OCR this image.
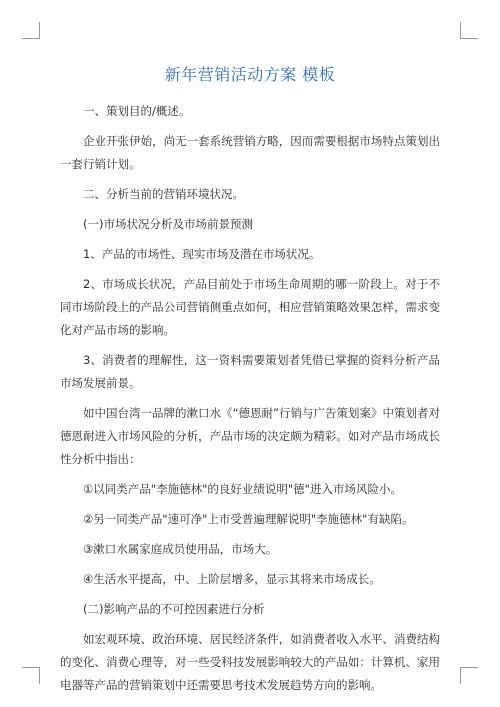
新年营销活动方案 模板

一、策划目的/概述。

企业开张伊始，尚无一套系统营销方略，因而需要根据市场特点策划出一套行销计划。

二、分析当前的营销环境状况。

(一)市场状况分析及市场前景预测

1、产品的市场性、现实市场及潜在市场状况。

2、市场成长状况，产品目前处于市场生命周期的哪一阶段上。对于不同市场阶段上的产品公司营销侧重点如何，相应营销策略效果怎样，需求变化对产品市场的影响。

3、消费者的理解性，这一资料需要策划者凭借已掌握的资料分析产品市场发展前景。

如中国台湾一品牌的漱口水《“德恩耐”行销与广告策划案》中策划者对德恩耐进入市场风险的分析，产品市场的决定颇为精彩。如对产品市场成长性分析中指出：

①以同类产品"李施德林"的良好业绩说明"德"进入市场风险小。

②另一同类产品"速可净"上市受普遍理解说明"李施德林"有缺陷。

③漱口水属家庭成员使用品，市场大。

④生活水平提高，中、上阶层增多，显示其将来市场成长。

(二)影响产品的不可控因素进行分析

如宏观环境、政治环境、居民经济条件，如消费者收入水平、消费结构的变化、消费心理等，对一些受科技发展影响较大的产品如：计算机、家用电器等产品的营销策划中还需要思考技术发展趋势方向的影响。
